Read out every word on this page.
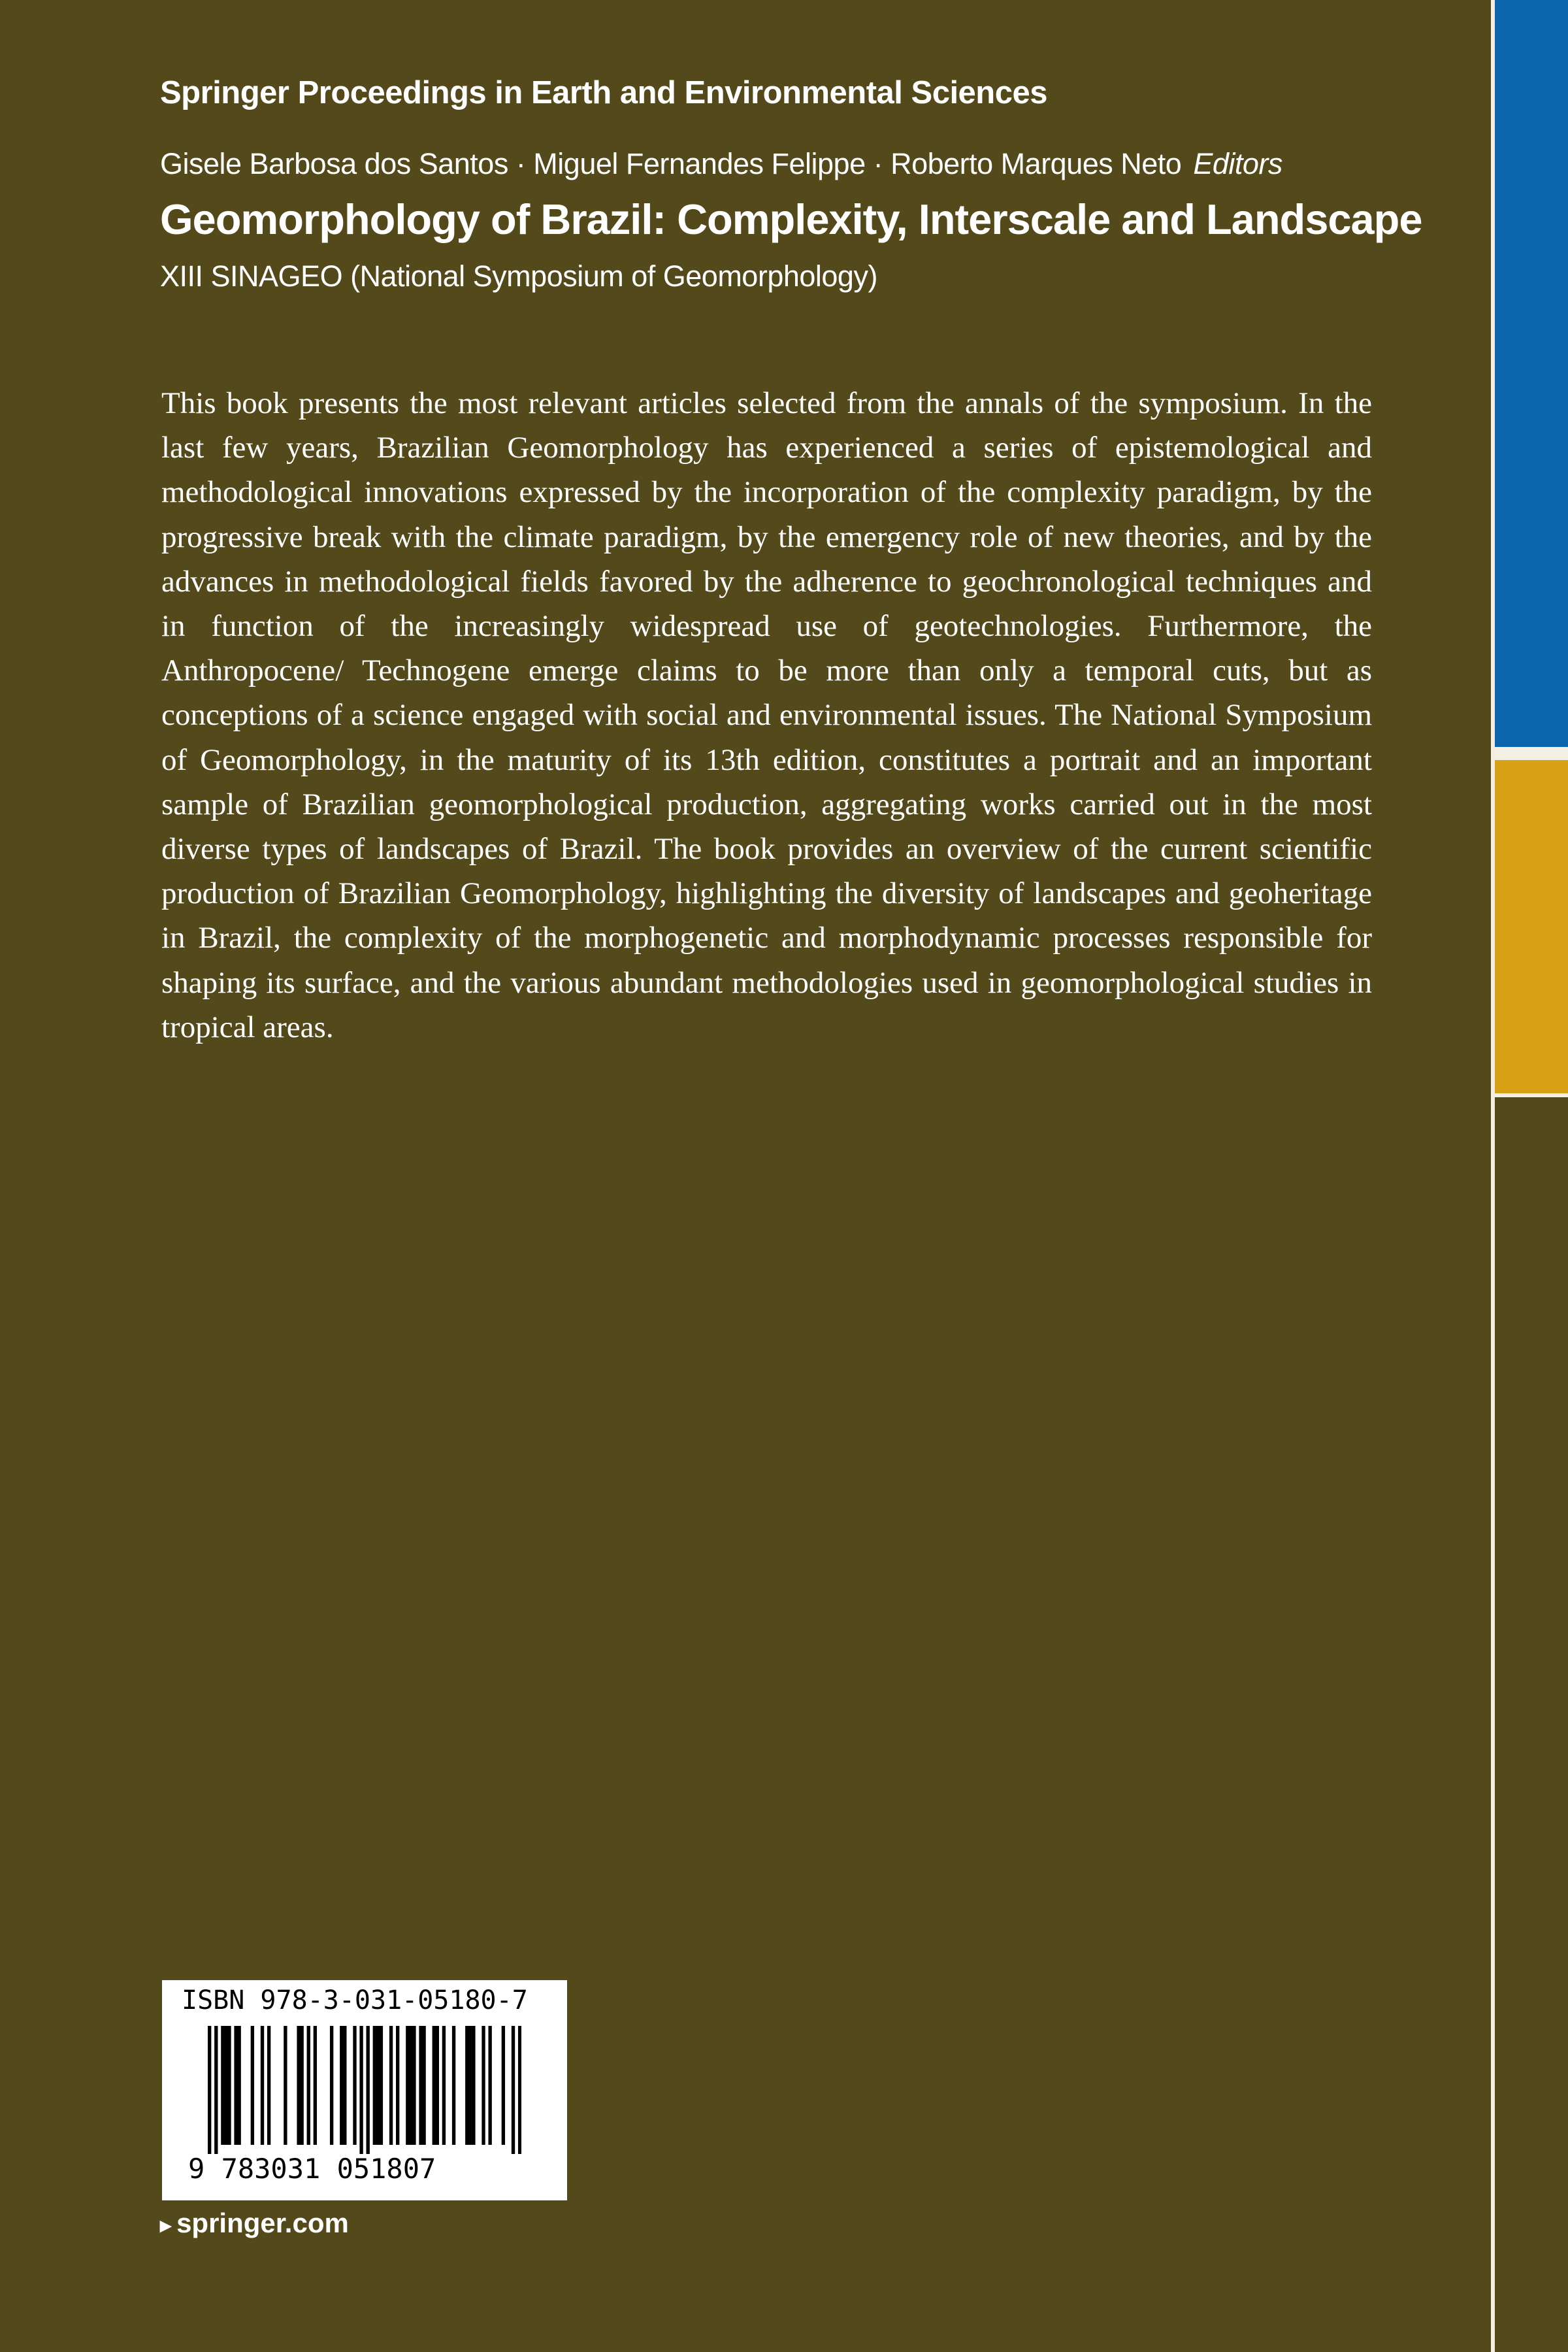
Springer Proceedings in Earth and Environmental Sciences
Gisele Barbosa dos Santos · Miguel Fernandes Felippe · Roberto Marques Neto Editors
Geomorphology of Brazil: Complexity, Interscale and Landscape
XIII SINAGEO (National Symposium of Geomorphology)

This book presents the most relevant articles selected from the annals of the symposium. In the last few years, Brazilian Geomorphology has experienced a series of epistemological and methodological innovations expressed by the incorporation of the complexity paradigm, by the progressive break with the climate paradigm, by the emergency role of new theories, and by the advances in methodological fields favored by the adherence to geochronological techniques and in function of the increasingly widespread use of geotechnologies. Furthermore, the Anthropocene/ Technogene emerge claims to be more than only a temporal cuts, but as conceptions of a science engaged with social and environmental issues. The National Symposium of Geomorphology, in the maturity of its 13th edition, constitutes a portrait and an important sample of Brazilian geomorphological production, aggregating works carried out in the most diverse types of landscapes of Brazil. The book provides an overview of the current scientific production of Brazilian Geomorphology, highlighting the diversity of landscapes and geoheritage in Brazil, the complexity of the morphogenetic and morphodynamic processes responsible for shaping its surface, and the various abundant methodologies used in geomorphological studies in tropical areas.

ISBN 978-3-031-05180-7
9 783031 051807
▸ springer.com
